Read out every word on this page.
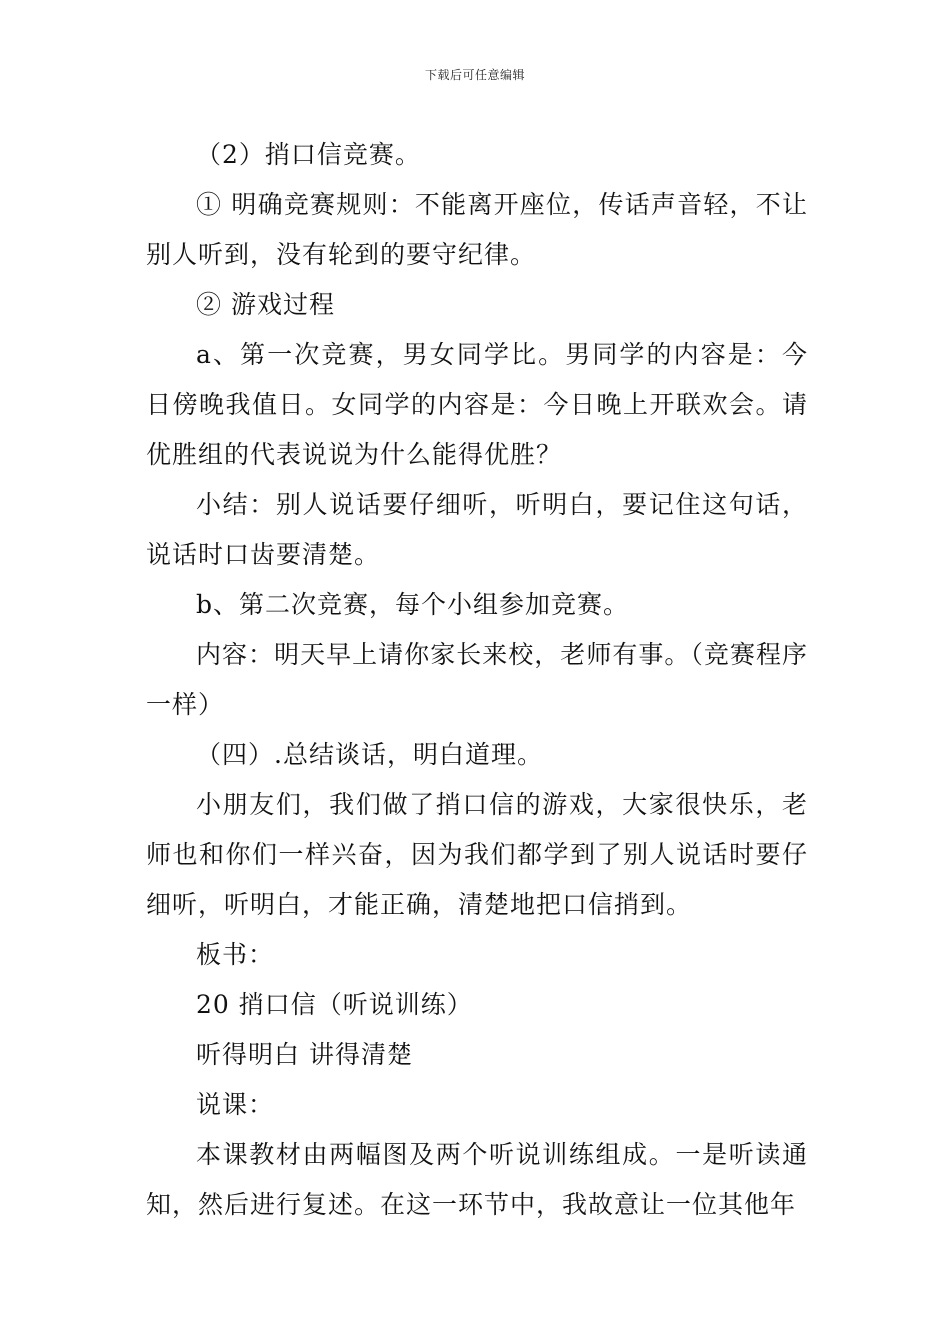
下载后可任意编辑

（2）捎口信竞赛。

① 明确竞赛规则：不能离开座位，传话声音轻，不让别人听到，没有轮到的要守纪律。

② 游戏过程

a、第一次竞赛，男女同学比。男同学的内容是：今日傍晚我值日。女同学的内容是：今日晚上开联欢会。请优胜组的代表说说为什么能得优胜？

小结：别人说话要仔细听，听明白，要记住这句话，说话时口齿要清楚。

b、第二次竞赛，每个小组参加竞赛。

内容：明天早上请你家长来校，老师有事。（竞赛程序一样）

（四）.总结谈话，明白道理。

小朋友们，我们做了捎口信的游戏，大家很快乐，老师也和你们一样兴奋，因为我们都学到了别人说话时要仔细听，听明白，才能正确，清楚地把口信捎到。

板书：

20 捎口信（听说训练）

听得明白 讲得清楚

说课：

本课教材由两幅图及两个听说训练组成。一是听读通知，然后进行复述。在这一环节中，我故意让一位其他年
